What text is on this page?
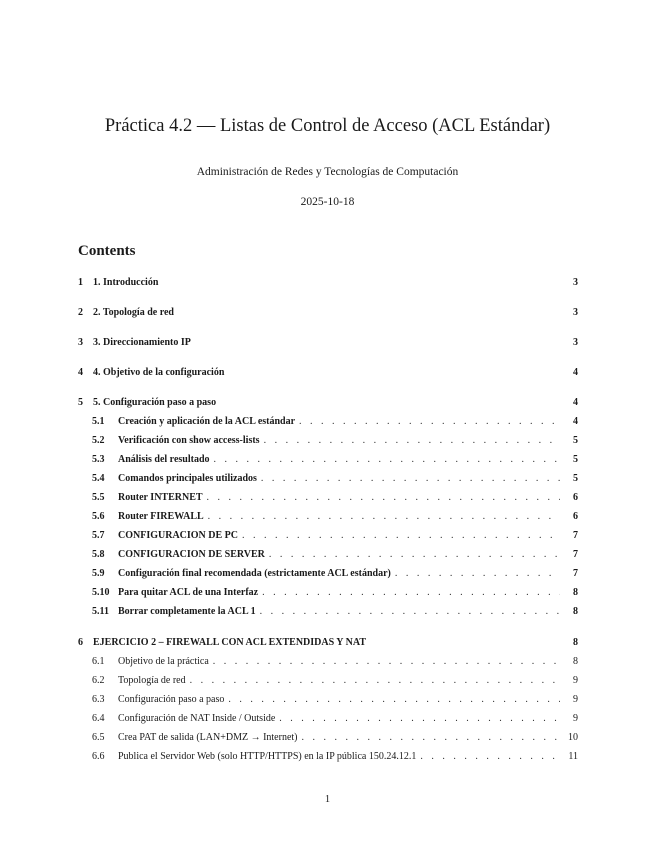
Práctica 4.2 — Listas de Control de Acceso (ACL Estándar)
Administración de Redes y Tecnologías de Computación
2025-10-18
Contents
1	1. Introducción	3
2	2. Topología de red	3
3	3. Direccionamiento IP	3
4	4. Objetivo de la configuración	4
5	5. Configuración paso a paso	4
5.1	Creación y aplicación de la ACL estándar . . .	4
5.2	Verificación con show access-lists . . .	5
5.3	Análisis del resultado . . .	5
5.4	Comandos principales utilizados . . .	5
5.5	Router INTERNET . . .	6
5.6	Router FIREWALL . . .	6
5.7	CONFIGURACION DE PC . . .	7
5.8	CONFIGURACION DE SERVER . . .	7
5.9	Configuración final recomendada (estrictamente ACL estándar) . . .	7
5.10 Para quitar ACL de una Interfaz . . .	8
5.11 Borrar completamente la ACL 1 . . .	8
6	EJERCICIO 2 – FIREWALL CON ACL EXTENDIDAS Y NAT	8
6.1	Objetivo de la práctica . . .	8
6.2	Topología de red . . .	9
6.3	Configuración paso a paso . . .	9
6.4	Configuración de NAT Inside / Outside . . .	9
6.5	Crea PAT de salida (LAN+DMZ → Internet) . . .	10
6.6	Publica el Servidor Web (solo HTTP/HTTPS) en la IP pública 150.24.12.1 . . .	11
1
